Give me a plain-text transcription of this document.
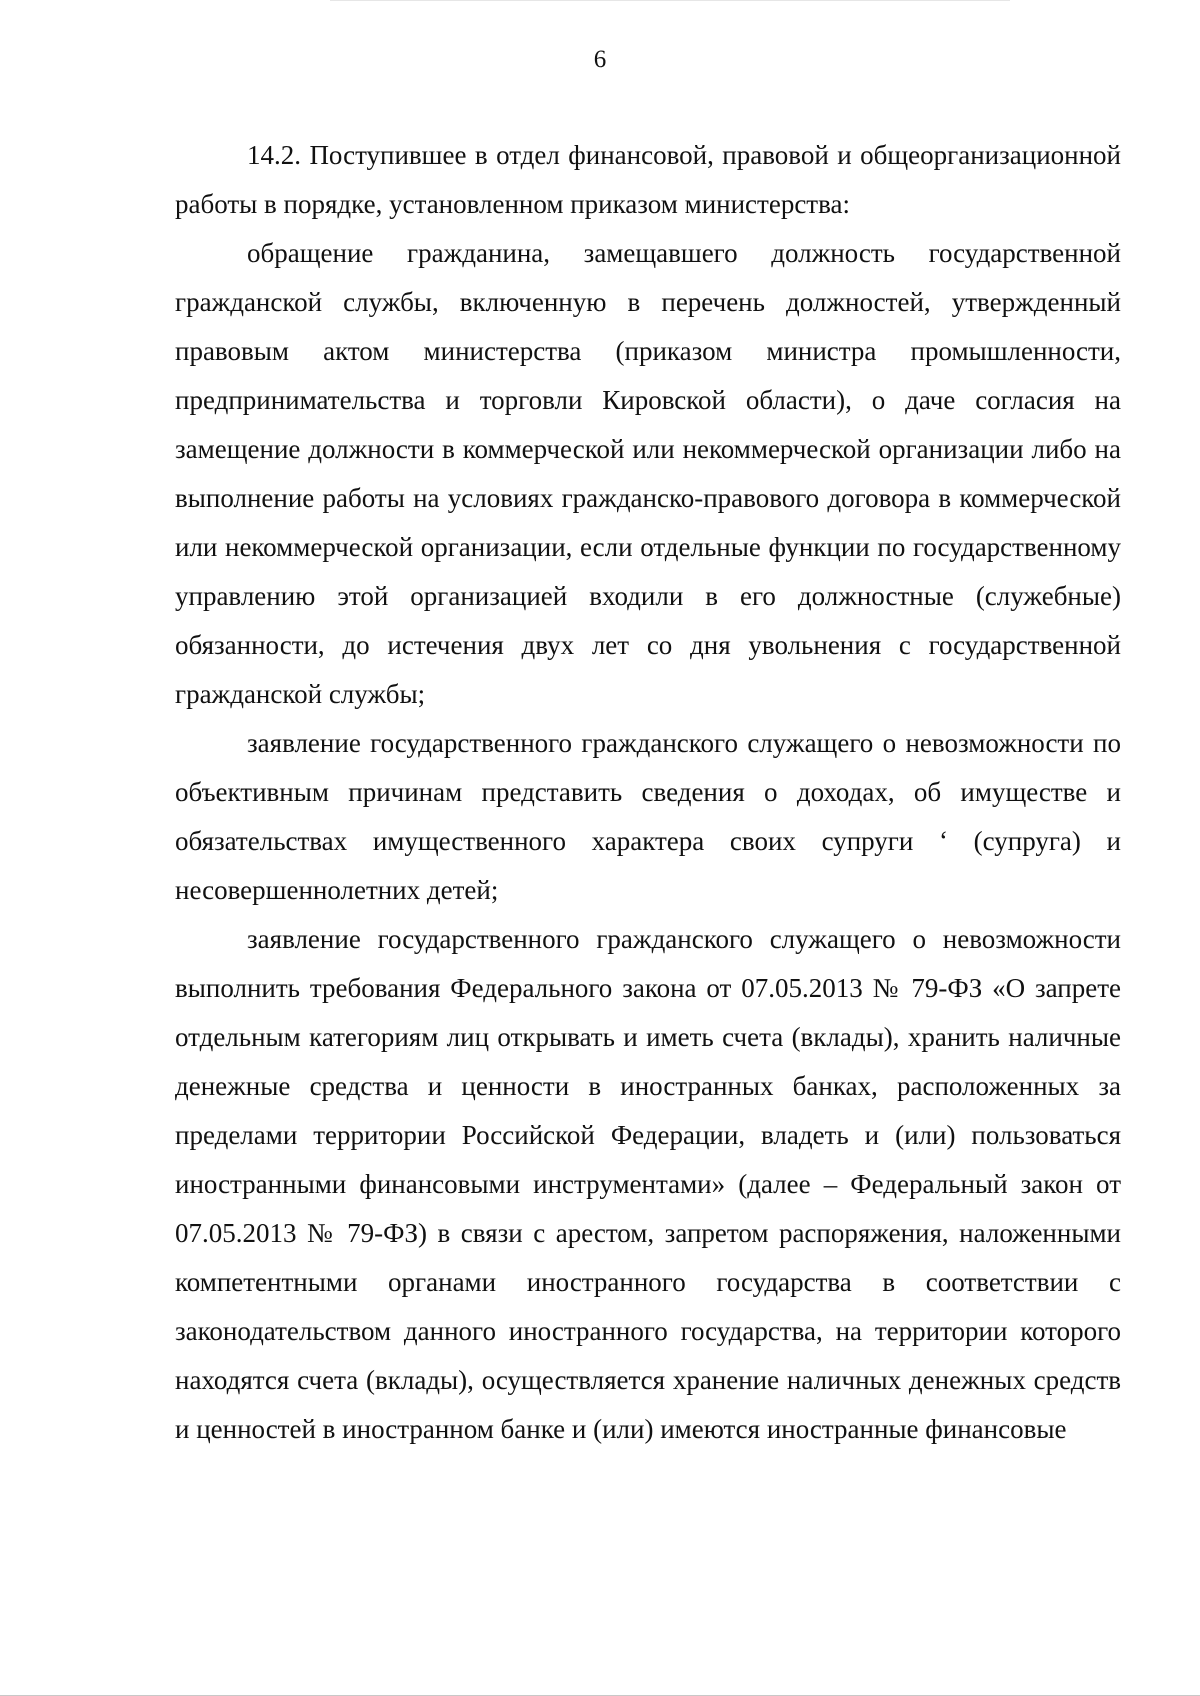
6

14.2. Поступившее в отдел финансовой, правовой и общеорганизационной работы в порядке, установленном приказом министерства:

обращение гражданина, замещавшего должность государственной гражданской службы, включенную в перечень должностей, утвержденный правовым актом министерства (приказом министра промышленности, предпринимательства и торговли Кировской области), о даче согласия на замещение должности в коммерческой или некоммерческой организации либо на выполнение работы на условиях гражданско-правового договора в коммерческой или некоммерческой организации, если отдельные функции по государственному управлению этой организацией входили в его должностные (служебные) обязанности, до истечения двух лет со дня увольнения с государственной гражданской службы;

заявление государственного гражданского служащего о невозможности по объективным причинам представить сведения о доходах, об имуществе и обязательствах имущественного характера своих супруги ‘ (супруга) и несовершеннолетних детей;

заявление государственного гражданского служащего о невозможности выполнить требования Федерального закона от 07.05.2013 № 79-ФЗ «О запрете отдельным категориям лиц открывать и иметь счета (вклады), хранить наличные денежные средства и ценности в иностранных банках, расположенных за пределами территории Российской Федерации, владеть и (или) пользоваться иностранными финансовыми инструментами» (далее – Федеральный закон от 07.05.2013 № 79-ФЗ) в связи с арестом, запретом распоряжения, наложенными компетентными органами иностранного государства в соответствии с законодательством данного иностранного государства, на территории которого находятся счета (вклады), осуществляется хранение наличных денежных средств и ценностей в иностранном банке и (или) имеются иностранные финансовые
